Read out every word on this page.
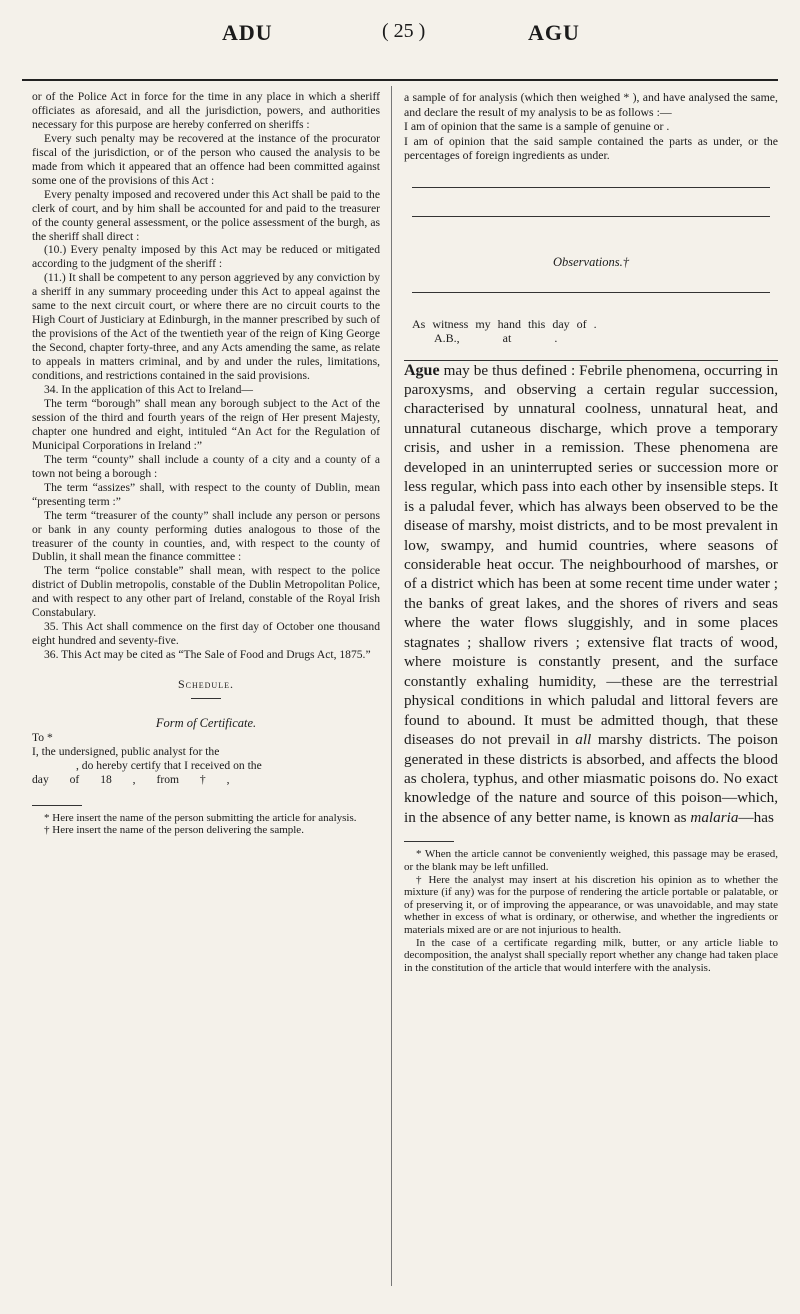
ADU	( 25 )	AGU

or of the Police Act in force for the time in any place in which a sheriff officiates as aforesaid, and all the jurisdiction, powers, and authorities necessary for this purpose are hereby conferred on sheriffs :

Every such penalty may be recovered at the instance of the procurator fiscal of the jurisdiction, or of the person who caused the analysis to be made from which it appeared that an offence had been committed against some one of the provisions of this Act :

Every penalty imposed and recovered under this Act shall be paid to the clerk of court, and by him shall be accounted for and paid to the treasurer of the county general assessment, or the police assessment of the burgh, as the sheriff shall direct :

(10.) Every penalty imposed by this Act may be reduced or mitigated according to the judgment of the sheriff :

(11.) It shall be competent to any person aggrieved by any conviction by a sheriff in any summary proceeding under this Act to appeal against the same to the next circuit court, or where there are no circuit courts to the High Court of Justiciary at Edinburgh, in the manner prescribed by such of the provisions of the Act of the twentieth year of the reign of King George the Second, chapter forty-three, and any Acts amending the same, as relate to appeals in matters criminal, and by and under the rules, limitations, conditions, and restrictions contained in the said provisions.

34. In the application of this Act to Ireland—

The term “borough” shall mean any borough subject to the Act of the session of the third and fourth years of the reign of Her present Majesty, chapter one hundred and eight, intituled “An Act for the Regulation of Municipal Corporations in Ireland :”

The term “county” shall include a county of a city and a county of a town not being a borough :

The term “assizes” shall, with respect to the county of Dublin, mean “presenting term :”

The term “treasurer of the county” shall include any person or persons or bank in any county performing duties analogous to those of the treasurer of the county in counties, and, with respect to the county of Dublin, it shall mean the finance committee :

The term “police constable” shall mean, with respect to the police district of Dublin metropolis, constable of the Dublin Metropolitan Police, and with respect to any other part of Ireland, constable of the Royal Irish Constabulary.

35. This Act shall commence on the first day of October one thousand eight hundred and seventy-five.

36. This Act may be cited as “The Sale of Food and Drugs Act, 1875.”

Schedule.
Form of Certificate.

To *

I, the undersigned, public analyst for the

, do hereby certify that I received on the

day of 18 , from † ,

* Here insert the name of the person submitting the article for analysis.

† Here insert the name of the person delivering the sample.

a sample of for analysis (which then weighed * ), and have analysed the same, and declare the result of my analysis to be as follows :—

I am of opinion that the same is a sample of genuine or .

I am of opinion that the said sample contained the parts as under, or the percentages of foreign ingredients as under.

Observations.†
As witness my hand this day of .
A.B., at .

Ague may be thus defined : Febrile phenomena, occurring in paroxysms, and observing a certain regular succession, characterised by unnatural coolness, unnatural heat, and unnatural cutaneous discharge, which prove a temporary crisis, and usher in a remission. These phenomena are developed in an uninterrupted series or succession more or less regular, which pass into each other by insensible steps. It is a paludal fever, which has always been observed to be the disease of marshy, moist districts, and to be most prevalent in low, swampy, and humid countries, where seasons of considerable heat occur. The neighbourhood of marshes, or of a district which has been at some recent time under water ; the banks of great lakes, and the shores of rivers and seas where the water flows sluggishly, and in some places stagnates ; shallow rivers ; extensive flat tracts of wood, where moisture is constantly present, and the surface constantly exhaling humidity, —these are the terrestrial physical conditions in which paludal and littoral fevers are found to abound. It must be admitted though, that these diseases do not prevail in all marshy districts. The poison generated in these districts is absorbed, and affects the blood as cholera, typhus, and other miasmatic poisons do. No exact knowledge of the nature and source of this poison—which, in the absence of any better name, is known as malaria—has

* When the article cannot be conveniently weighed, this passage may be erased, or the blank may be left unfilled.

† Here the analyst may insert at his discretion his opinion as to whether the mixture (if any) was for the purpose of rendering the article portable or palatable, or of preserving it, or of improving the appearance, or was unavoidable, and may state whether in excess of what is ordinary, or otherwise, and whether the ingredients or materials mixed are or are not injurious to health.

In the case of a certificate regarding milk, butter, or any article liable to decomposition, the analyst shall specially report whether any change had taken place in the constitution of the article that would interfere with the analysis.
